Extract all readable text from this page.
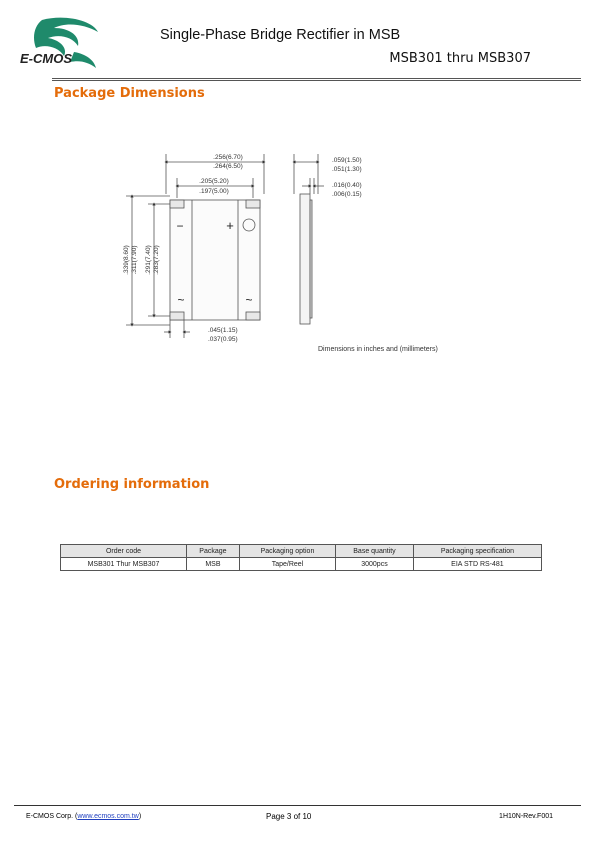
E-CMOS
Single-Phase Bridge Rectifier in MSB
MSB301 thru MSB307
Package Dimensions
.256(6.70)
.264(6.50)
.205(5.20)
.197(5.00)
.339(8.60) .311(7.90) .291(7.40) .283(7.20)
.045(1.15)
.037(0.95)
.059(1.50)
.051(1.30)
.016(0.40)
.006(0.15)
Dimensions in inches and (millimeters)
−	+
~	~
Ordering information
Order code	Package	Packaging option	Base quantity	Packaging specification
MSB301 Thur MSB307	MSB	Tape/Reel	3000pcs	EIA STD RS-481
E-CMOS Corp. (www.ecmos.com.tw)	Page 3 of 10	1H10N-Rev.F001
